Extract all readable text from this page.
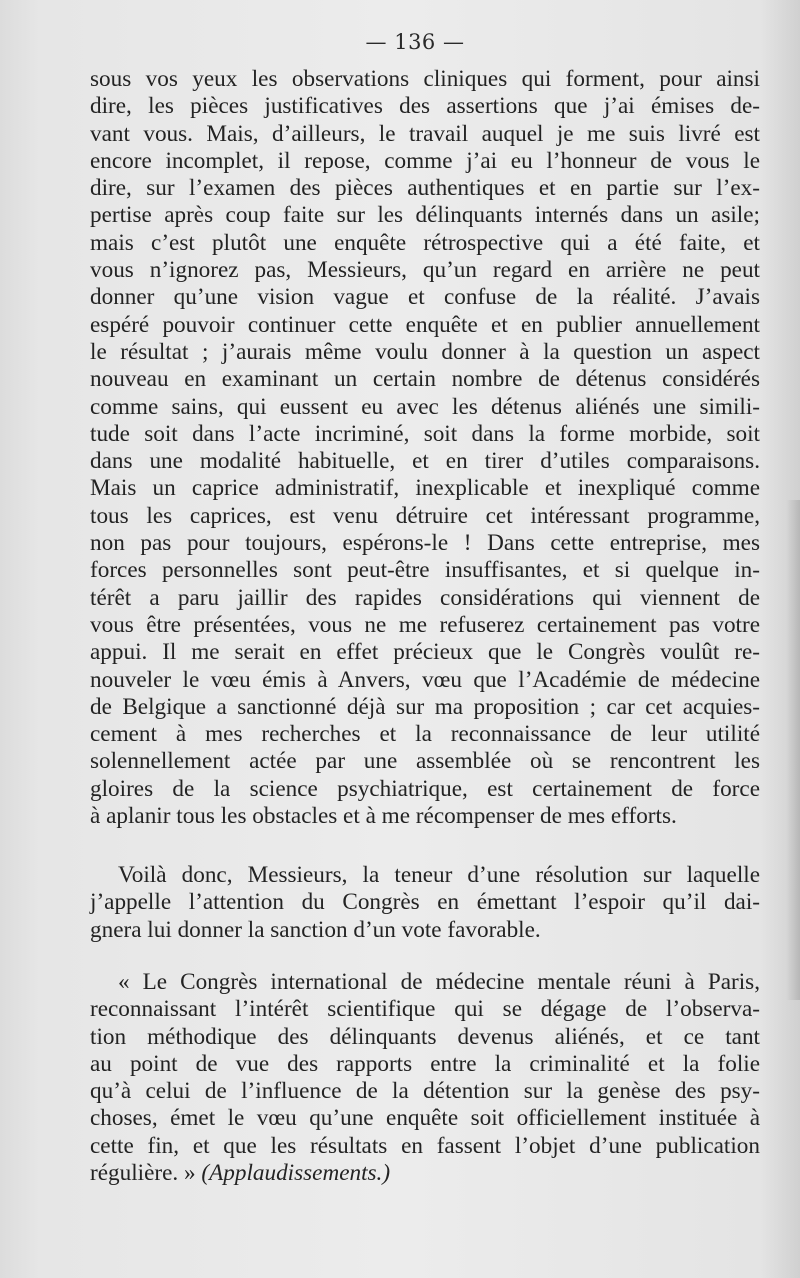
— 136 —
sous vos yeux les observations cliniques qui forment, pour ainsi
dire, les pièces justificatives des assertions que j’ai émises de-
vant vous. Mais, d’ailleurs, le travail auquel je me suis livré est
encore incomplet, il repose, comme j’ai eu l’honneur de vous le
dire, sur l’examen des pièces authentiques et en partie sur l’ex-
pertise après coup faite sur les délinquants internés dans un asile;
mais c’est plutôt une enquête rétrospective qui a été faite, et
vous n’ignorez pas, Messieurs, qu’un regard en arrière ne peut
donner qu’une vision vague et confuse de la réalité. J’avais
espéré pouvoir continuer cette enquête et en publier annuellement
le résultat ; j’aurais même voulu donner à la question un aspect
nouveau en examinant un certain nombre de détenus considérés
comme sains, qui eussent eu avec les détenus aliénés une simili-
tude soit dans l’acte incriminé, soit dans la forme morbide, soit
dans une modalité habituelle, et en tirer d’utiles comparaisons.
Mais un caprice administratif, inexplicable et inexpliqué comme
tous les caprices, est venu détruire cet intéressant programme,
non pas pour toujours, espérons-le ! Dans cette entreprise, mes
forces personnelles sont peut-être insuffisantes, et si quelque in-
térêt a paru jaillir des rapides considérations qui viennent de
vous être présentées, vous ne me refuserez certainement pas votre
appui. Il me serait en effet précieux que le Congrès voulût re-
nouveler le vœu émis à Anvers, vœu que l’Académie de médecine
de Belgique a sanctionné déjà sur ma proposition ; car cet acquies-
cement à mes recherches et la reconnaissance de leur utilité
solennellement actée par une assemblée où se rencontrent les
gloires de la science psychiatrique, est certainement de force
à aplanir tous les obstacles et à me récompenser de mes efforts.
Voilà donc, Messieurs, la teneur d’une résolution sur laquelle
j’appelle l’attention du Congrès en émettant l’espoir qu’il dai-
gnera lui donner la sanction d’un vote favorable.
« Le Congrès international de médecine mentale réuni à Paris,
reconnaissant l’intérêt scientifique qui se dégage de l’observa-
tion méthodique des délinquants devenus aliénés, et ce tant
au point de vue des rapports entre la criminalité et la folie
qu’à celui de l’influence de la détention sur la genèse des psy-
choses, émet le vœu qu’une enquête soit officiellement instituée à
cette fin, et que les résultats en fassent l’objet d’une publication
régulière. » (Applaudissements.)
